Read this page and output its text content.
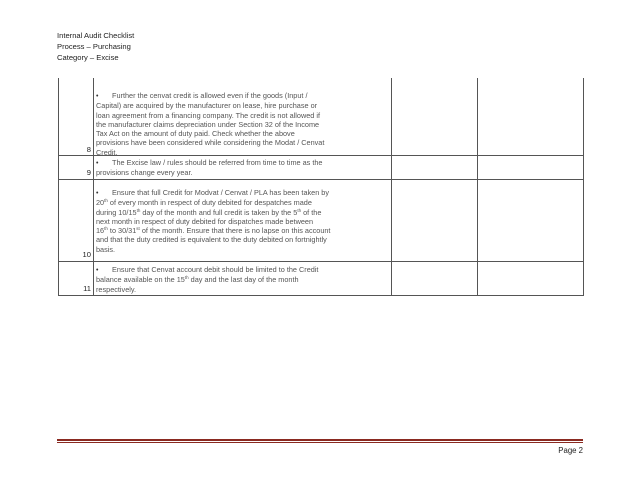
Internal Audit Checklist
Process – Purchasing
Category – Excise
8
• Further the cenvat credit is allowed even if the goods (Input /
Capital) are acquired by the manufacturer on lease, hire purchase or
loan agreement from a financing company. The credit is not allowed if
the manufacturer claims depreciation under Section 32 of the Income
Tax Act on the amount of duty paid. Check whether the above
provisions have been considered while considering the Modat / Cenvat
Credit.
9
• The Excise law / rules should be referred from time to time as the
provisions change every year.
10
• Ensure that full Credit for Modvat / Cenvat / PLA has been taken by
20th of every month in respect of duty debited for despatches made
during 10/15th day of the month and full credit is taken by the 5th of the
next month in respect of duty debited for dispatches made between
16th to 30/31st of the month. Ensure that there is no lapse on this account
and that the duty credited is equivalent to the duty debited on fortnightly
basis.
11
• Ensure that Cenvat account debit should be limited to the Credit
balance available on the 15th day and the last day of the month
respectively.
Page 2
